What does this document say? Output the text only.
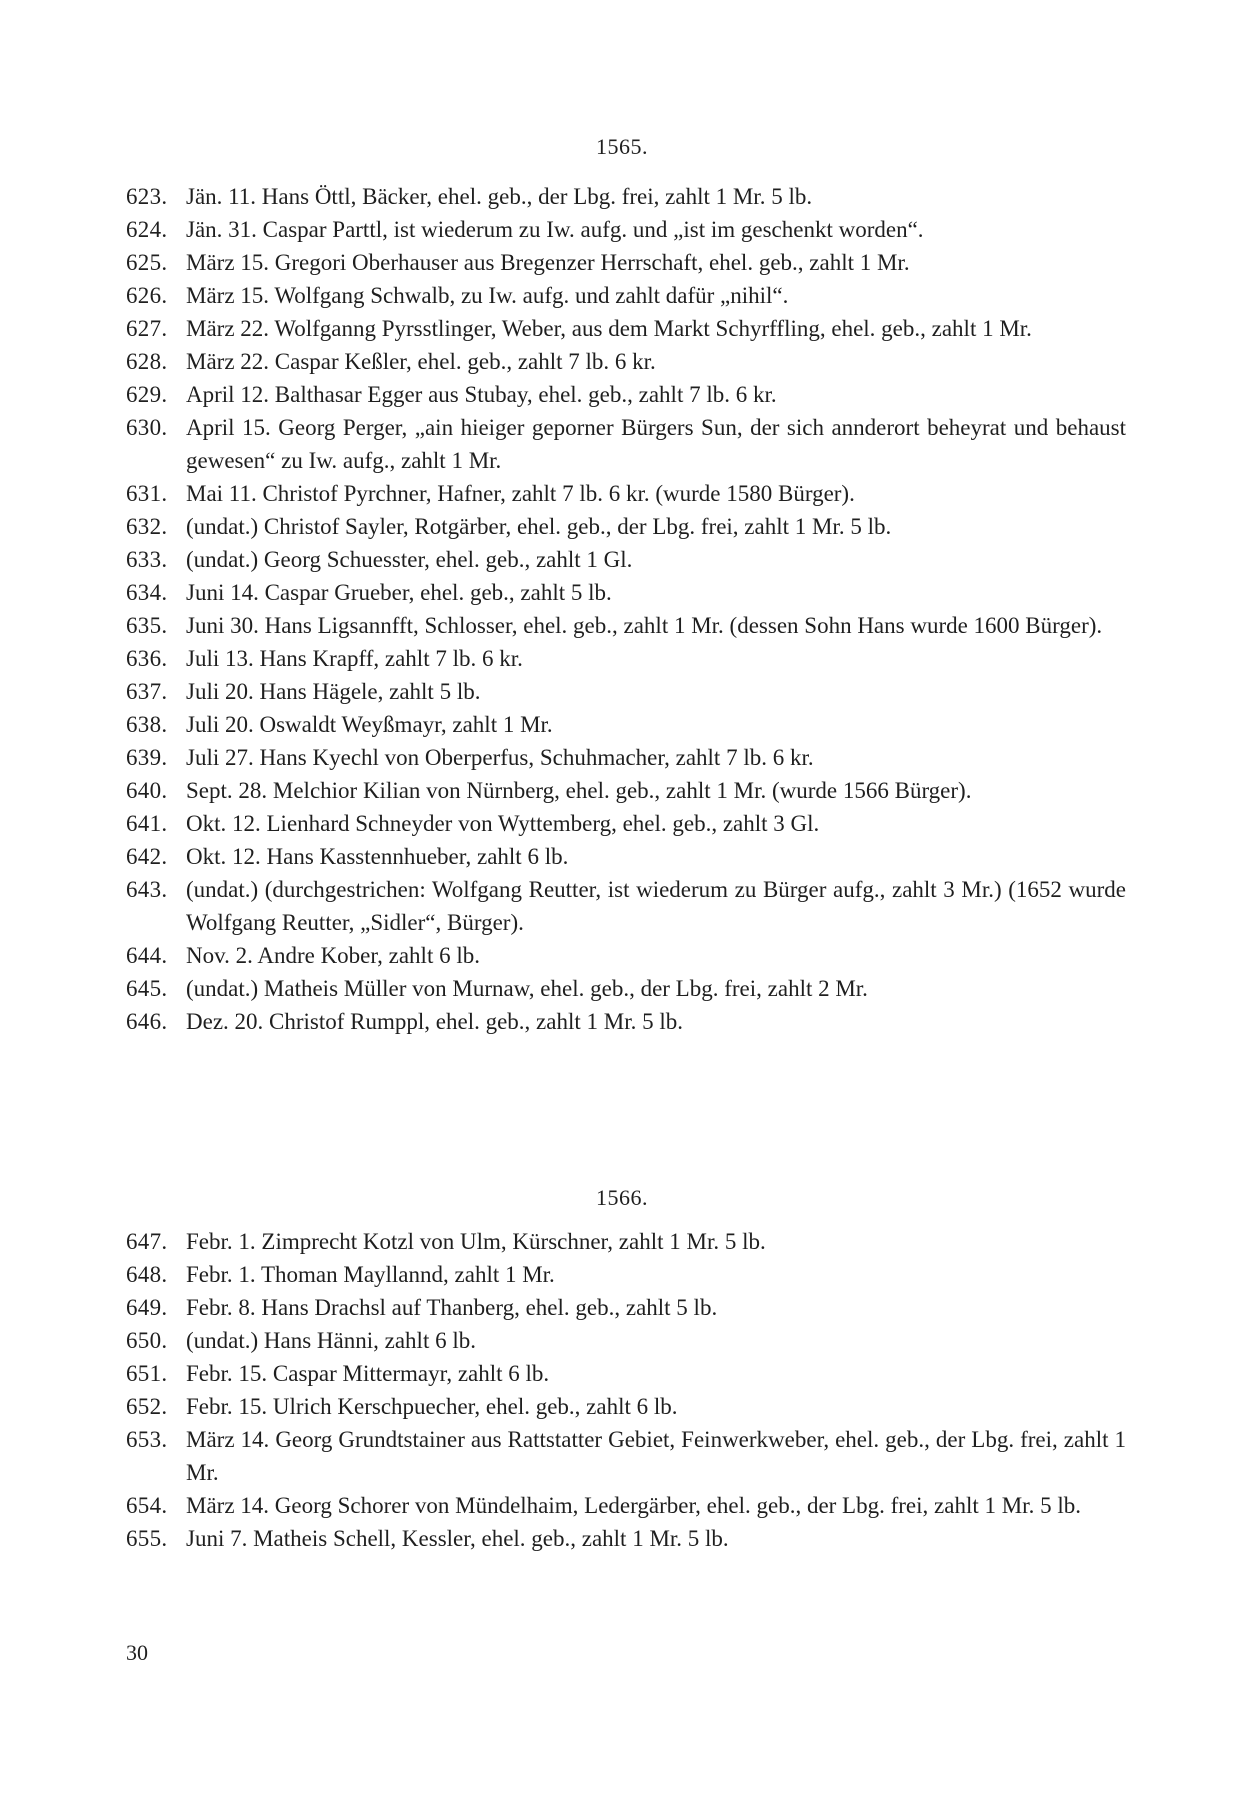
1565.
623. Jän. 11. Hans Öttl, Bäcker, ehel. geb., der Lbg. frei, zahlt 1 Mr. 5 lb.
624. Jän. 31. Caspar Parttl, ist wiederum zu Iw. aufg. und „ist im geschenkt worden“.
625. März 15. Gregori Oberhauser aus Bregenzer Herrschaft, ehel. geb., zahlt 1 Mr.
626. März 15. Wolfgang Schwalb, zu Iw. aufg. und zahlt dafür „nihil“.
627. März 22. Wolfganng Pyrsstlinger, Weber, aus dem Markt Schyrffling, ehel. geb., zahlt 1 Mr.
628. März 22. Caspar Keßler, ehel. geb., zahlt 7 lb. 6 kr.
629. April 12. Balthasar Egger aus Stubay, ehel. geb., zahlt 7 lb. 6 kr.
630. April 15. Georg Perger, „ain hieiger geporner Bürgers Sun, der sich annderort beheyrat und behaust gewesen“ zu Iw. aufg., zahlt 1 Mr.
631. Mai 11. Christof Pyrchner, Hafner, zahlt 7 lb. 6 kr. (wurde 1580 Bürger).
632. (undat.) Christof Sayler, Rotgärber, ehel. geb., der Lbg. frei, zahlt 1 Mr. 5 lb.
633. (undat.) Georg Schuesster, ehel. geb., zahlt 1 Gl.
634. Juni 14. Caspar Grueber, ehel. geb., zahlt 5 lb.
635. Juni 30. Hans Ligsannfft, Schlosser, ehel. geb., zahlt 1 Mr. (dessen Sohn Hans wurde 1600 Bürger).
636. Juli 13. Hans Krapff, zahlt 7 lb. 6 kr.
637. Juli 20. Hans Hägele, zahlt 5 lb.
638. Juli 20. Oswaldt Weyßmayr, zahlt 1 Mr.
639. Juli 27. Hans Kyechl von Oberperfus, Schuhmacher, zahlt 7 lb. 6 kr.
640. Sept. 28. Melchior Kilian von Nürnberg, ehel. geb., zahlt 1 Mr. (wurde 1566 Bürger).
641. Okt. 12. Lienhard Schneyder von Wyttemberg, ehel. geb., zahlt 3 Gl.
642. Okt. 12. Hans Kasstennhueber, zahlt 6 lb.
643. (undat.) (durchgestrichen: Wolfgang Reutter, ist wiederum zu Bürger aufg., zahlt 3 Mr.) (1652 wurde Wolfgang Reutter, „Sidler“, Bürger).
644. Nov. 2. Andre Kober, zahlt 6 lb.
645. (undat.) Matheis Müller von Murnaw, ehel. geb., der Lbg. frei, zahlt 2 Mr.
646. Dez. 20. Christof Rumppl, ehel. geb., zahlt 1 Mr. 5 lb.
1566.
647. Febr. 1. Zimprecht Kotzl von Ulm, Kürschner, zahlt 1 Mr. 5 lb.
648. Febr. 1. Thoman Mayllannd, zahlt 1 Mr.
649. Febr. 8. Hans Drachsl auf Thanberg, ehel. geb., zahlt 5 lb.
650. (undat.) Hans Hänni, zahlt 6 lb.
651. Febr. 15. Caspar Mittermayr, zahlt 6 lb.
652. Febr. 15. Ulrich Kerschpuecher, ehel. geb., zahlt 6 lb.
653. März 14. Georg Grundtstainer aus Rattstatter Gebiet, Feinwerkweber, ehel. geb., der Lbg. frei, zahlt 1 Mr.
654. März 14. Georg Schorer von Mündelhaim, Ledergärber, ehel. geb., der Lbg. frei, zahlt 1 Mr. 5 lb.
655. Juni 7. Matheis Schell, Kessler, ehel. geb., zahlt 1 Mr. 5 lb.
30
